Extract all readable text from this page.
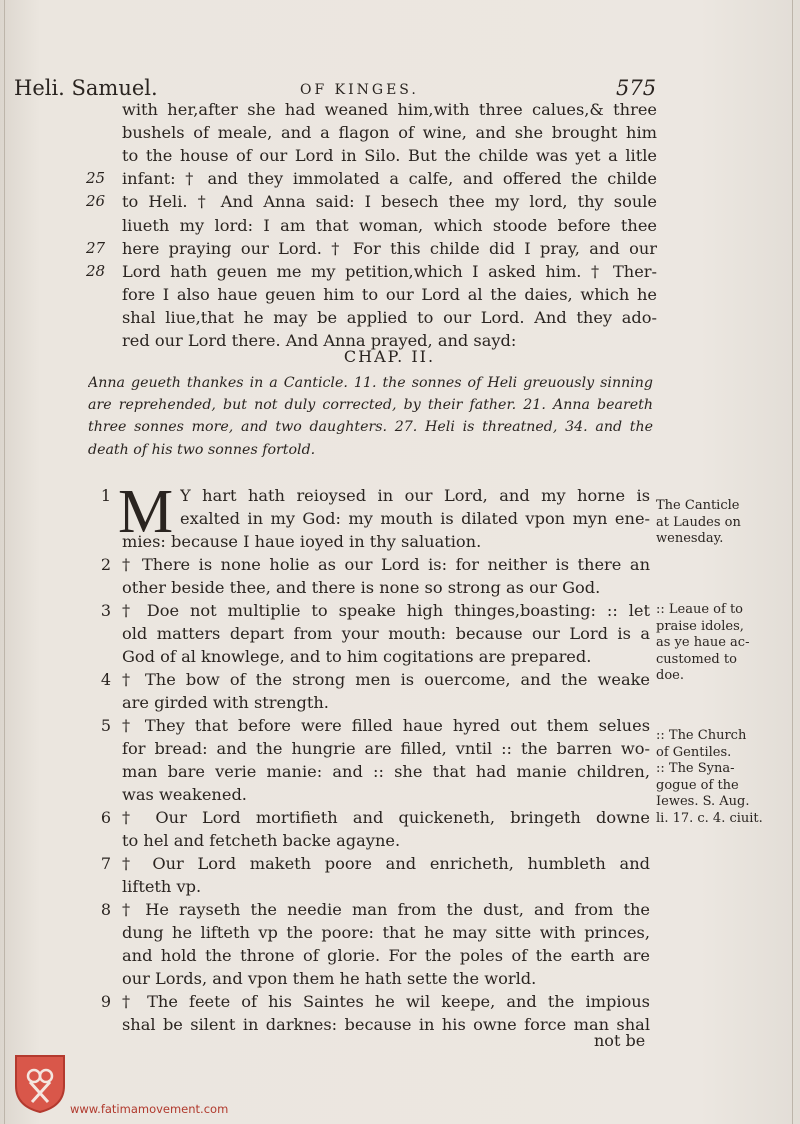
Heli. Samuel.	OF KINGES.	575
with her,after she had weaned him,with three calues,& three
bushels of meale, and a flagon of wine, and she brought him
to the house of our Lord in Silo. But the childe was yet a litle
25	infant: † and they immolated a calfe, and offered the childe
26	to Heli. † And Anna said: I besech thee my lord, thy soule
liueth my lord: I am that woman, which stoode before thee
27	here praying our Lord. † For this childe did I pray, and our
28	Lord hath geuen me my petition,which I asked him. † Ther-
fore I also haue geuen him to our Lord al the daies, which he
shal liue,that he may be applied to our Lord. And they ado-
red our Lord there. And Anna prayed, and sayd:
CHAP. II.
Anna geueth thankes in a Canticle. 11. the sonnes of Heli greuously sinning
are reprehended, but not duly corrected, by their father. 21. Anna beareth
three sonnes more, and two daughters. 27. Heli is threatned, 34. and the
death of his two sonnes fortold.
M
1	Y hart hath reioysed in our Lord, and my horne is
exalted in my God: my mouth is dilated vpon myn ene-
mies: because I haue ioyed in thy saluation.
2 † There is none holie as our Lord is: for neither is there an
other beside thee, and there is none so strong as our God.
3 † Doe not multiplie to speake high thinges,boasting: :: let
old matters depart from your mouth: because our Lord is a
God of al knowlege, and to him cogitations are prepared.
4 † The bow of the strong men is ouercome, and the weake
are girded with strength.
5 † They that before were filled haue hyred out them selues
for bread: and the hungrie are filled, vntil :: the barren wo-
man bare verie manie: and :: she that had manie children,
was weakened.
6 † Our Lord mortifieth and quickeneth, bringeth downe
to hel and fetcheth backe agayne.
7 † Our Lord maketh poore and enricheth, humbleth and
lifteth vp.
8 † He rayseth the needie man from the dust, and from the
dung he lifteth vp the poore: that he may sitte with princes,
and hold the throne of glorie. For the poles of the earth are
our Lords, and vpon them he hath sette the world.
9 † The feete of his Saintes he wil keepe, and the impious
shal be silent in darknes: because in his owne force man shal
The Canticle
at Laudes on
wenesday.
:: Leaue of to
praise idoles,
as ye haue ac-
customed to
doe.
:: The Church
of Gentiles.
:: The Syna-
gogue of the
Iewes. S. Aug.
li. 17. c. 4. ciuit.
not be
www.fatimamovement.com
